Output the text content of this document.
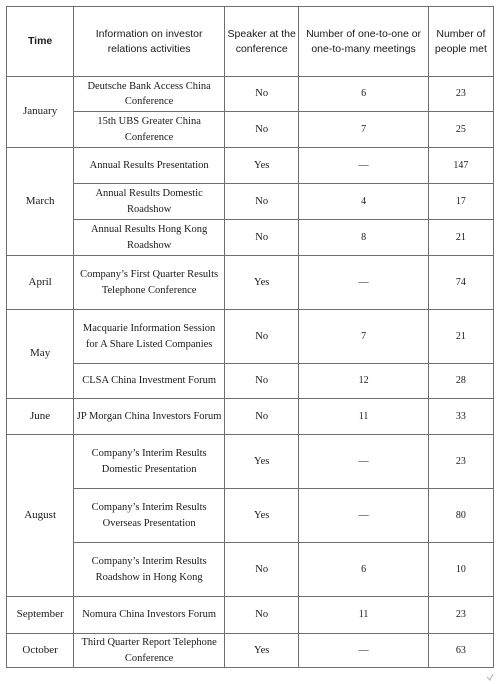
Time	Information on investor relations activities	Speaker at the conference	Number of one-to-one or one-to-many meetings	Number of people met
January	Deutsche Bank Access China Conference	No	6	23
	15th UBS Greater China Conference	No	7	25
March	Annual Results Presentation	Yes	—	147
	Annual Results Domestic Roadshow	No	4	17
	Annual Results Hong Kong Roadshow	No	8	21
April	Company’s First Quarter Results Telephone Conference	Yes	—	74
May	Macquarie Information Session for A Share Listed Companies	No	7	21
	CLSA China Investment Forum	No	12	28
June	JP Morgan China Investors Forum	No	11	33
August	Company’s Interim Results Domestic Presentation	Yes	—	23
	Company’s Interim Results Overseas Presentation	Yes	—	80
	Company’s Interim Results Roadshow in Hong Kong	No	6	10
September	Nomura China Investors Forum	No	11	23
October	Third Quarter Report Telephone Conference	Yes	—	63
